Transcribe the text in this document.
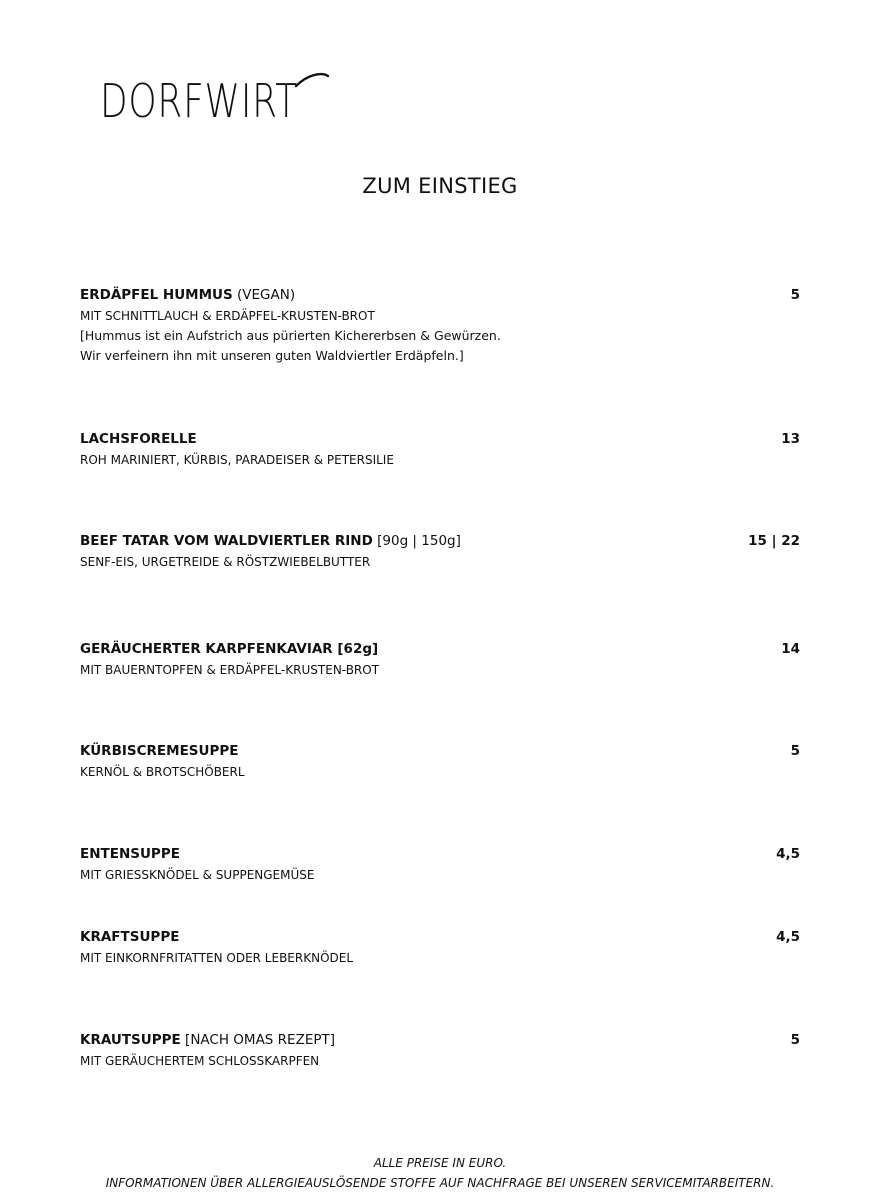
DORFWIRT
ZUM EINSTIEG
ERDÄPFEL HUMMUS (VEGAN)	5
MIT SCHNITTLAUCH & ERDÄPFEL-KRUSTEN-BROT
[Hummus ist ein Aufstrich aus pürierten Kichererbsen & Gewürzen.
Wir verfeinern ihn mit unseren guten Waldviertler Erdäpfeln.]
LACHSFORELLE	13
ROH MARINIERT, KÜRBIS, PARADEISER & PETERSILIE
BEEF TATAR VOM WALDVIERTLER RIND [90g | 150g]	15 | 22
SENF-EIS, URGETREIDE & RÖSTZWIEBELBUTTER
GERÄUCHERTER KARPFENKAVIAR [62g]	14
MIT BAUERNTOPFEN & ERDÄPFEL-KRUSTEN-BROT
KÜRBISCREMESUPPE	5
KERNÖL & BROTSCHÖBERL
ENTENSUPPE	4,5
MIT GRIESSKNÖDEL & SUPPENGEMÜSE
KRAFTSUPPE	4,5
MIT EINKORNFRITATTEN ODER LEBERKNÖDEL
KRAUTSUPPE [NACH OMAS REZEPT]	5
MIT GERÄUCHERTEM SCHLOSSKARPFEN
ALLE PREISE IN EURO.
INFORMATIONEN ÜBER ALLERGIEAUSLÖSENDE STOFFE AUF NACHFRAGE BEI UNSEREN SERVICEMITARBEITERN.
